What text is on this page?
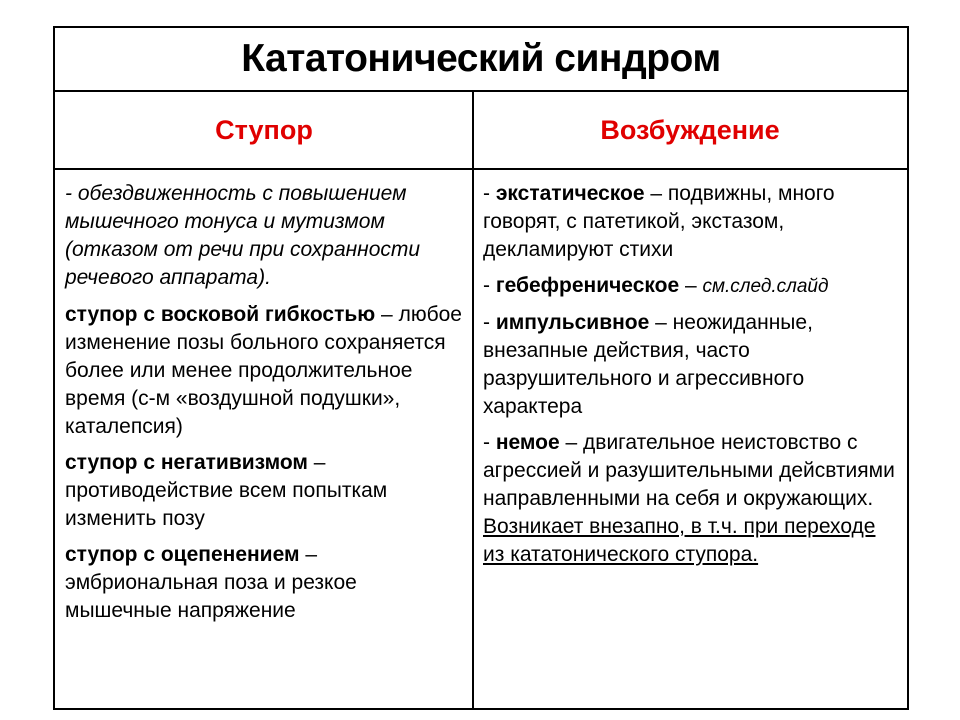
Кататонический синдром
Ступор	Возбуждение

- обездвиженность с повышением мышечного тонуса и мутизмом (отказом от речи при сохранности речевого аппарата).

ступор с восковой гибкостью – любое изменение позы больного сохраняется более или менее продолжительное время (с-м «воздушной подушки», каталепсия)

ступор с негативизмом – противодействие всем попыткам изменить позу

ступор с оцепенением – эмбриональная поза и резкое мышечные напряжение

- экстатическое – подвижны, много говорят, с патетикой, экстазом, декламируют стихи

- гебефреническое – см.след.слайд

- импульсивное – неожиданные, внезапные действия, часто разрушительного и агрессивного характера

- немое – двигательное неистовство с агрессией и разушительными дейсвтиями направленными на себя и окружающих. Возникает внезапно, в т.ч. при переходе из кататонического ступора.
